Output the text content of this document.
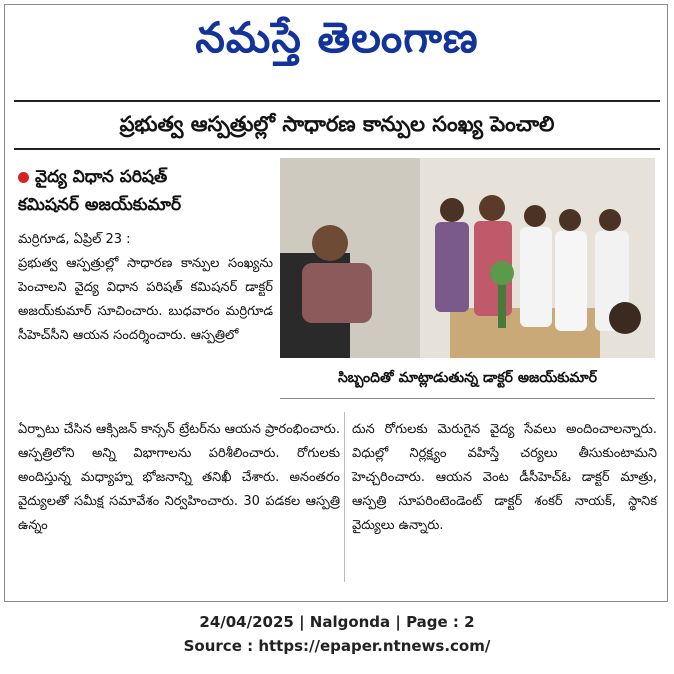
నమస్తే తెలంగాణ
ప్రభుత్వ ఆస్పత్రుల్లో సాధారణ కాన్పుల సంఖ్య పెంచాలి
వైద్య విధాన పరిషత్
కమిషనర్ అజయ్‌కుమార్

మర్రిగూడ, ఏప్రిల్ 23 :

ప్రభుత్వ ఆస్పత్రుల్లో సాధారణ కాన్పుల సంఖ్యను పెంచాలని వైద్య విధాన పరిషత్ కమిషనర్ డాక్టర్ అజయ్‌కుమార్ సూచించారు. బుధవారం మర్రిగూడ సీహెచ్‌సీని ఆయన సందర్శించారు. ఆస్పత్రిలో

సిబ్బందితో మాట్లాడుతున్న డాక్టర్ అజయ్‌కుమార్

ఏర్పాటు చేసిన ఆక్సిజన్ కాన్సన్ ట్రేటర్‌ను ఆయన ప్రారంభించారు. ఆస్పత్రిలోని అన్ని విభాగాలను పరిశీలించారు. రోగులకు అందిస్తున్న మధ్యాహ్న భోజనాన్ని తనిఖీ చేశారు. అనంతరం వైద్యులతో సమీక్ష సమావేశం నిర్వహించారు. 30 పడకల ఆస్పత్రి ఉన్నం

దున రోగులకు మెరుగైన వైద్య సేవలు అందించాలన్నారు. విధుల్లో నిర్లక్ష్యం వహిస్తే చర్యలు తీసుకుంటామని హెచ్చరించారు. ఆయన వెంట డీసీహెచ్‌ఓ డాక్టర్ మాత్రు, ఆస్పత్రి సూపరింటెండెంట్ డాక్టర్ శంకర్ నాయక్, స్థానిక వైద్యులు ఉన్నారు.

24/04/2025 | Nalgonda | Page : 2
Source : https://epaper.ntnews.com/
